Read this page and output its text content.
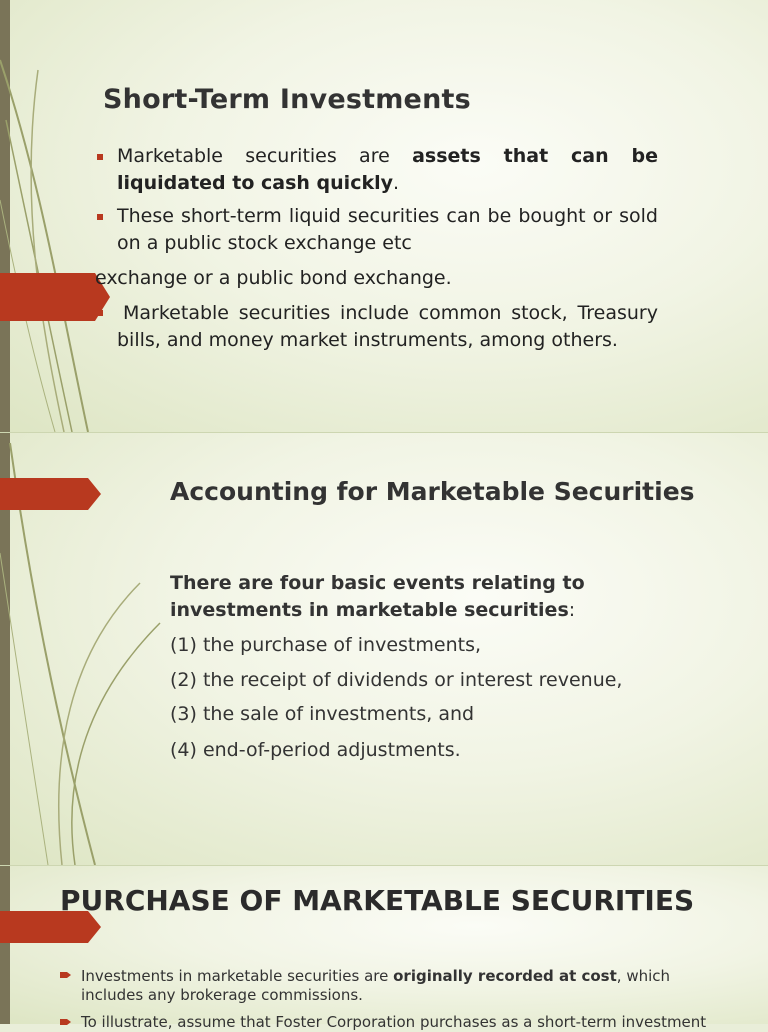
Short-Term Investments
Marketable securities are assets that can be liquidated to cash quickly.
These short-term liquid securities can be bought or sold on a public stock exchange etc
exchange or a public bond exchange.
Marketable securities include common stock, Treasury bills, and money market instruments, among others.
Accounting for Marketable Securities
There are four basic events relating to investments in marketable securities:
(1) the purchase of investments,
(2) the receipt of dividends or interest revenue,
(3) the sale of investments, and
(4) end-of-period adjustments.
PURCHASE OF MARKETABLE SECURITIES
Investments in marketable securities are originally recorded at cost, which includes any brokerage commissions.
To illustrate, assume that Foster Corporation purchases as a short-term investment
